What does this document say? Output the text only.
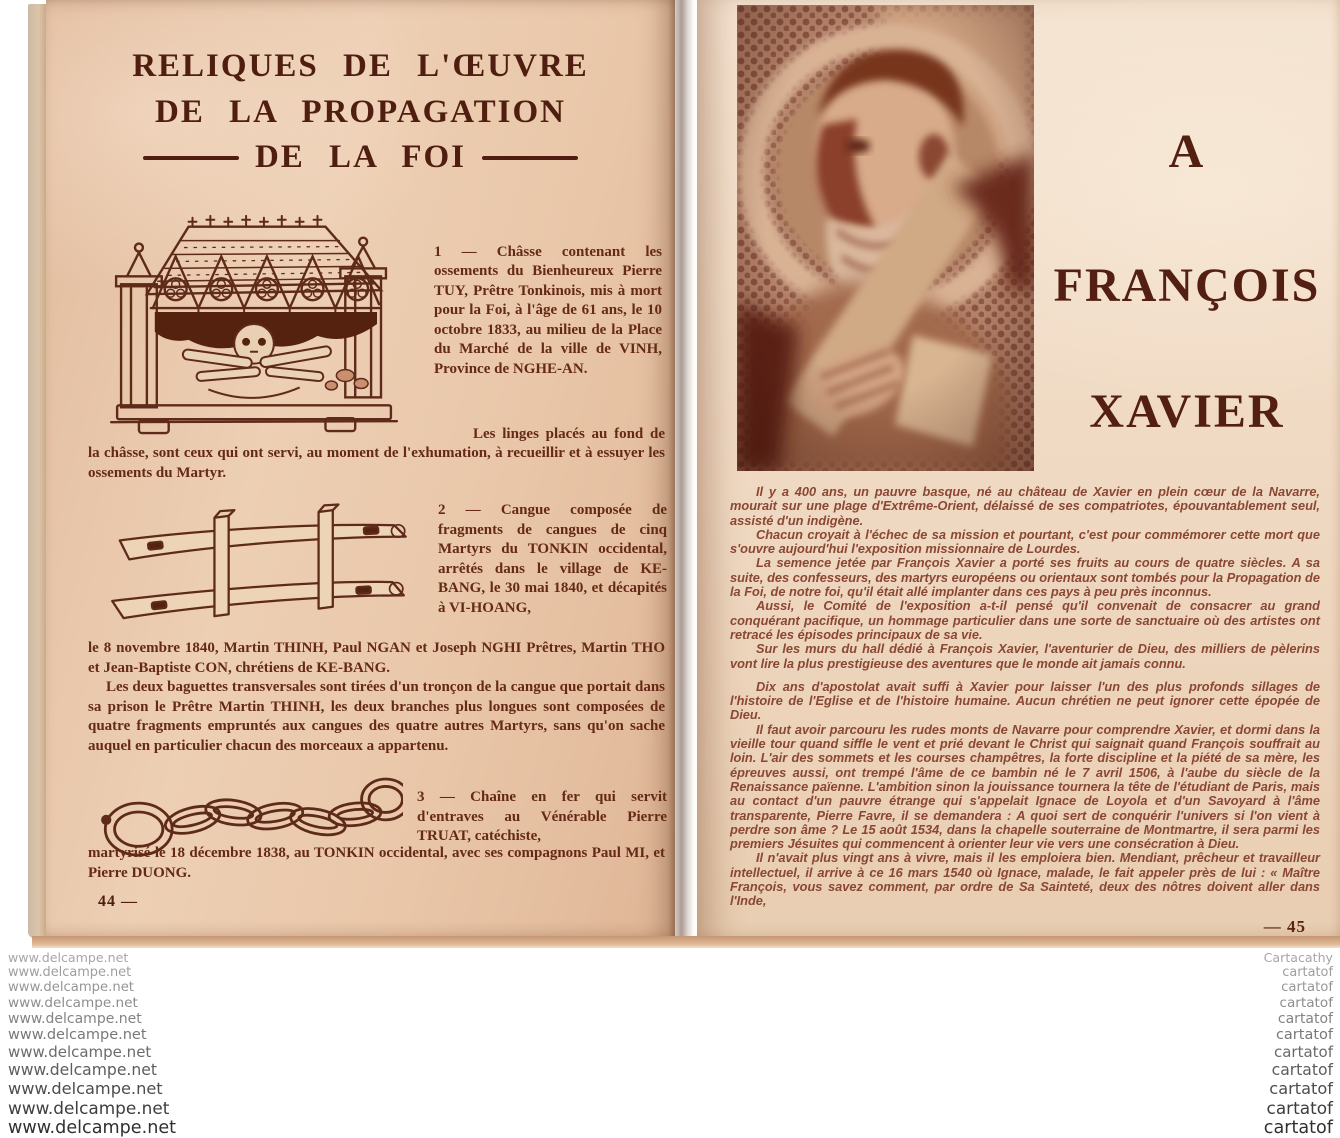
RELIQUES DE L'ŒUVRE
DE LA PROPAGATION
DE LA FOI

1 — Châsse contenant les ossements du Bienheureux Pierre TUY, Prêtre Tonkinois, mis à mort pour la Foi, à l'âge de 61 ans, le 10 octobre 1833, au milieu de la Place du Marché de la ville de VINH, Province de NGHE-AN.

Les linges placés au fond de la châsse, sont ceux qui ont servi, au moment de l'exhumation, à recueillir et à essuyer les ossements du Martyr.

2 — Cangue composée de fragments de cangues de cinq Martyrs du TONKIN occidental, arrêtés dans le village de KE-BANG, le 30 mai 1840, et décapités à VI-HOANG,

le 8 novembre 1840, Martin THINH, Paul NGAN et Joseph NGHI Prêtres, Martin THO et Jean-Baptiste CON, chrétiens de KE-BANG.

Les deux baguettes transversales sont tirées d'un tronçon de la cangue que portait dans sa prison le Prêtre Martin THINH, les deux branches plus longues sont composées de quatre fragments empruntés aux cangues des quatre autres Martyrs, sans qu'on sache auquel en particulier chacun des morceaux a appartenu.

3 — Chaîne en fer qui servit d'entraves au Vénérable Pierre TRUAT, catéchiste,

martyrisé le 18 décembre 1838, au TONKIN occidental, avec ses compagnons Paul MI, et Pierre DUONG.

44 —
A
FRANÇOIS
XAVIER

Il y a 400 ans, un pauvre basque, né au château de Xavier en plein cœur de la Navarre, mourait sur une plage d'Extrême-Orient, délaissé de ses compatriotes, épouvantablement seul, assisté d'un indigène.

Chacun croyait à l'échec de sa mission et pourtant, c'est pour commémorer cette mort que s'ouvre aujourd'hui l'exposition missionnaire de Lourdes.

La semence jetée par François Xavier a porté ses fruits au cours de quatre siècles. A sa suite, des confesseurs, des martyrs européens ou orientaux sont tombés pour la Propagation de la Foi, de notre foi, qu'il était allé implanter dans ces pays à peu près inconnus.

Aussi, le Comité de l'exposition a-t-il pensé qu'il convenait de consacrer au grand conquérant pacifique, un hommage particulier dans une sorte de sanctuaire où des artistes ont retracé les épisodes principaux de sa vie.

Sur les murs du hall dédié à François Xavier, l'aventurier de Dieu, des milliers de pèlerins vont lire la plus prestigieuse des aventures que le monde ait jamais connu.

Dix ans d'apostolat avait suffi à Xavier pour laisser l'un des plus profonds sillages de l'histoire de l'Eglise et de l'histoire humaine. Aucun chrétien ne peut ignorer cette épopée de Dieu.

Il faut avoir parcouru les rudes monts de Navarre pour comprendre Xavier, et dormi dans la vieille tour quand siffle le vent et prié devant le Christ qui saignait quand François souffrait au loin. L'air des sommets et les courses champêtres, la forte discipline et la piété de sa mère, les épreuves aussi, ont trempé l'âme de ce bambin né le 7 avril 1506, à l'aube du siècle de la Renaissance païenne. L'ambition sinon la jouissance tournera la tête de l'étudiant de Paris, mais au contact d'un pauvre étrange qui s'appelait Ignace de Loyola et d'un Savoyard à l'âme transparente, Pierre Favre, il se demandera : A quoi sert de conquérir l'univers si l'on vient à perdre son âme ? Le 15 août 1534, dans la chapelle souterraine de Montmartre, il sera parmi les premiers Jésuites qui commencent à orienter leur vie vers une consécration à Dieu.

Il n'avait plus vingt ans à vivre, mais il les emploiera bien. Mendiant, prêcheur et travailleur intellectuel, il arrive à ce 16 mars 1540 où Ignace, malade, le fait appeler près de lui : « Maître François, vous savez comment, par ordre de Sa Sainteté, deux des nôtres doivent aller dans l'Inde,

— 45
www.delcampe.net
www.delcampe.net
www.delcampe.net
www.delcampe.net
www.delcampe.net
www.delcampe.net
www.delcampe.net
www.delcampe.net
www.delcampe.net
www.delcampe.net
www.delcampe.net
Cartacathy
cartatof
cartatof
cartatof
cartatof
cartatof
cartatof
cartatof
cartatof
cartatof
cartatof
